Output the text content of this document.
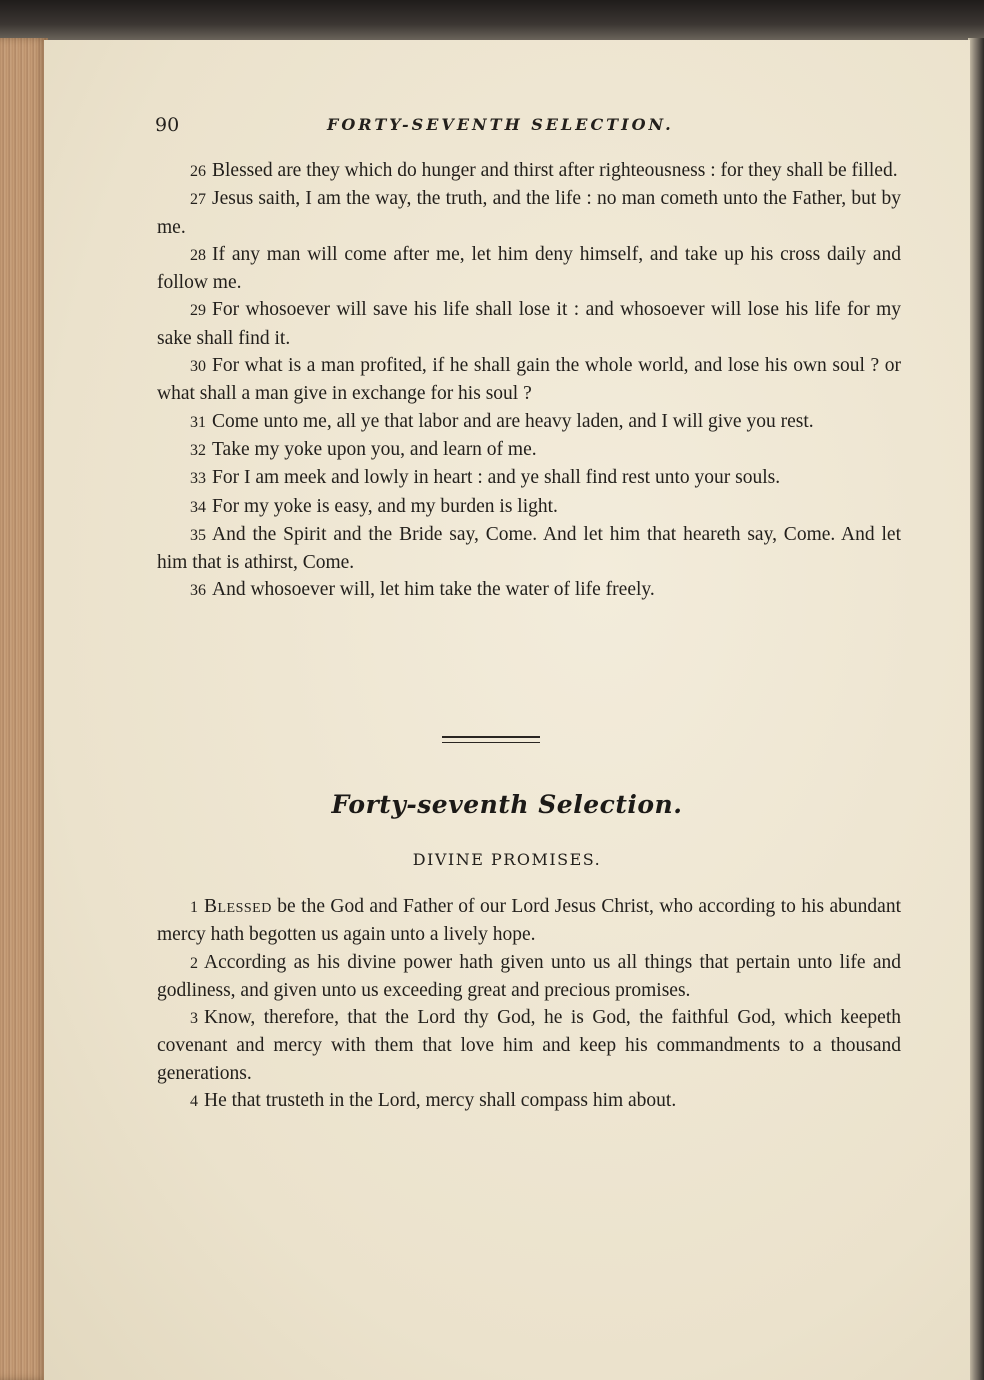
90	FORTY-SEVENTH SELECTION.

26 Blessed are they which do hunger and thirst after righteousness : for they shall be filled.

27 Jesus saith, I am the way, the truth, and the life : no man cometh unto the Father, but by me.

28 If any man will come after me, let him deny himself, and take up his cross daily and follow me.

29 For whosoever will save his life shall lose it : and whosoever will lose his life for my sake shall find it.

30 For what is a man profited, if he shall gain the whole world, and lose his own soul ? or what shall a man give in exchange for his soul ?

31 Come unto me, all ye that labor and are heavy laden, and I will give you rest.

32 Take my yoke upon you, and learn of me.

33 For I am meek and lowly in heart : and ye shall find rest unto your souls.

34 For my yoke is easy, and my burden is light.

35 And the Spirit and the Bride say, Come. And let him that heareth say, Come. And let him that is athirst, Come.

36 And whosoever will, let him take the water of life freely.

Forty-seventh Selection.
DIVINE PROMISES.

1 Blessed be the God and Father of our Lord Jesus Christ, who according to his abundant mercy hath begotten us again unto a lively hope.

2 According as his divine power hath given unto us all things that pertain unto life and godliness, and given unto us exceeding great and precious promises.

3 Know, therefore, that the Lord thy God, he is God, the faithful God, which keepeth covenant and mercy with them that love him and keep his commandments to a thousand generations.

4 He that trusteth in the Lord, mercy shall compass him about.
